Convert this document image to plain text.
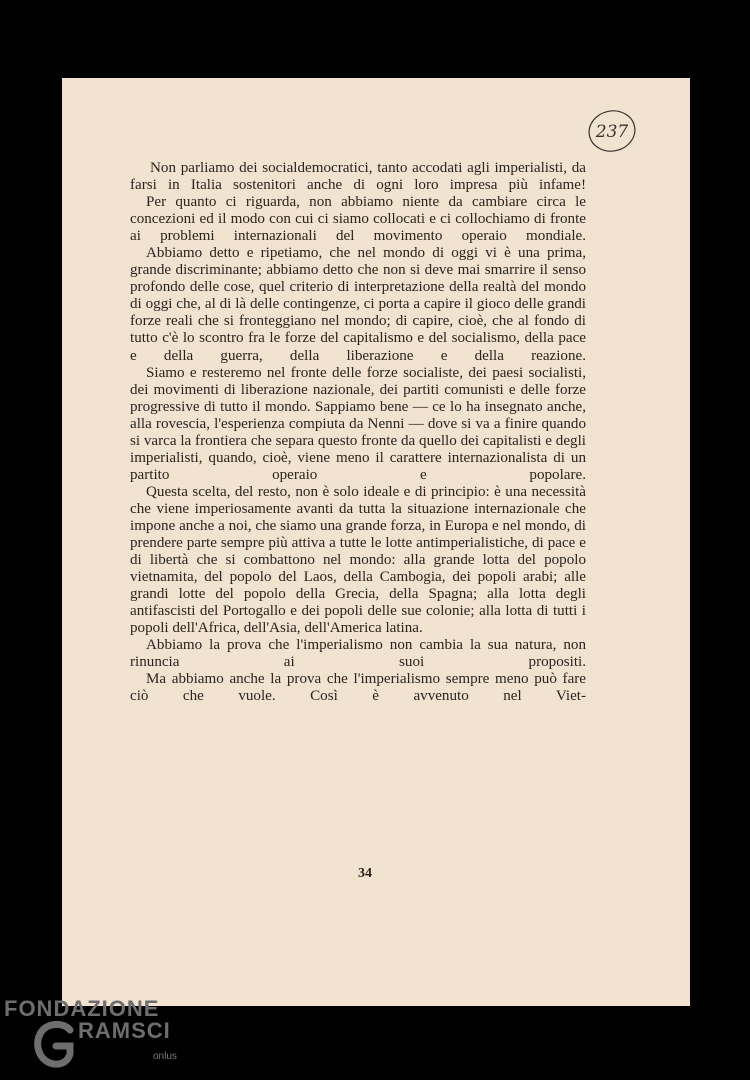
237

Non parliamo dei socialdemocratici, tanto accodati agli imperialisti, da farsi in Italia sostenitori anche di ogni loro impresa più infame!

Per quanto ci riguarda, non abbiamo niente da cambiare circa le concezioni ed il modo con cui ci siamo collocati e ci collochiamo di fronte ai problemi internazionali del movimento operaio mondiale.

Abbiamo detto e ripetiamo, che nel mondo di oggi vi è una prima, grande discriminante; abbiamo detto che non si deve mai smarrire il senso profondo delle cose, quel criterio di interpretazione della realtà del mondo di oggi che, al di là delle contingenze, ci porta a capire il gioco delle grandi forze reali che si fronteggiano nel mondo; di capire, cioè, che al fondo di tutto c'è lo scontro fra le forze del capitalismo e del socialismo, della pace e della guerra, della liberazione e della reazione.

Siamo e resteremo nel fronte delle forze socialiste, dei paesi socialisti, dei movimenti di liberazione nazionale, dei partiti comunisti e delle forze progressive di tutto il mondo. Sappiamo bene — ce lo ha insegnato anche, alla rovescia, l'esperienza compiuta da Nenni — dove si va a finire quando si varca la frontiera che separa questo fronte da quello dei capitalisti e degli imperialisti, quando, cioè, viene meno il carattere internazionalista di un partito operaio e popolare.

Questa scelta, del resto, non è solo ideale e di principio: è una necessità che viene imperiosamente avanti da tutta la situazione internazionale che impone anche a noi, che siamo una grande forza, in Europa e nel mondo, di prendere parte sempre più attiva a tutte le lotte antimperialistiche, di pace e di libertà che si combattono nel mondo: alla grande lotta del popolo vietnamita, del popolo del Laos, della Cambogia, dei popoli arabi; alle grandi lotte del popolo della Grecia, della Spagna; alla lotta degli antifascisti del Portogallo e dei popoli delle sue colonie; alla lotta di tutti i popoli dell'Africa, dell'Asia, dell'America latina.

Abbiamo la prova che l'imperialismo non cambia la sua natura, non rinuncia ai suoi propositi.

Ma abbiamo anche la prova che l'imperialismo sempre meno può fare ciò che vuole. Così è avvenuto nel Viet-

34
FONDAZIONE
RAMSCI
onlus
